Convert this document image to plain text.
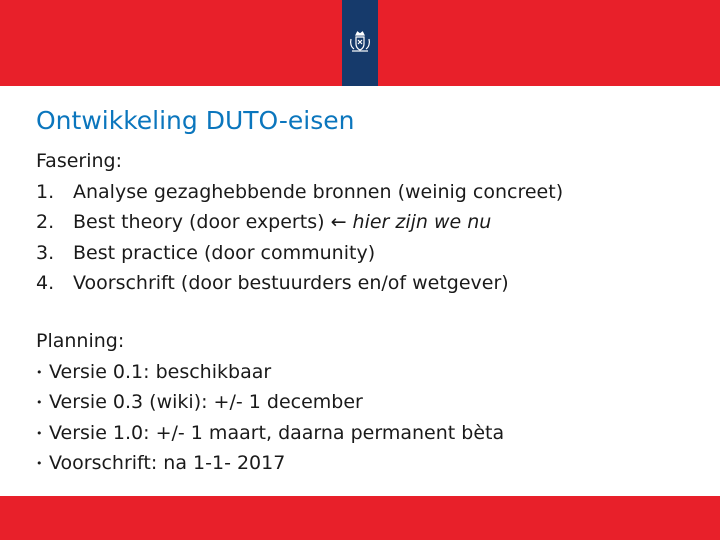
Ontwikkeling DUTO-eisen
Fasering:
1. Analyse gezaghebbende bronnen (weinig concreet)
2. Best theory (door experts) ← hier zijn we nu
3. Best practice (door community)
4. Voorschrift (door bestuurders en/of wetgever)
Planning:
• Versie 0.1: beschikbaar
• Versie 0.3 (wiki): +/- 1 december
• Versie 1.0: +/- 1 maart, daarna permanent bèta
• Voorschrift: na 1-1- 2017
